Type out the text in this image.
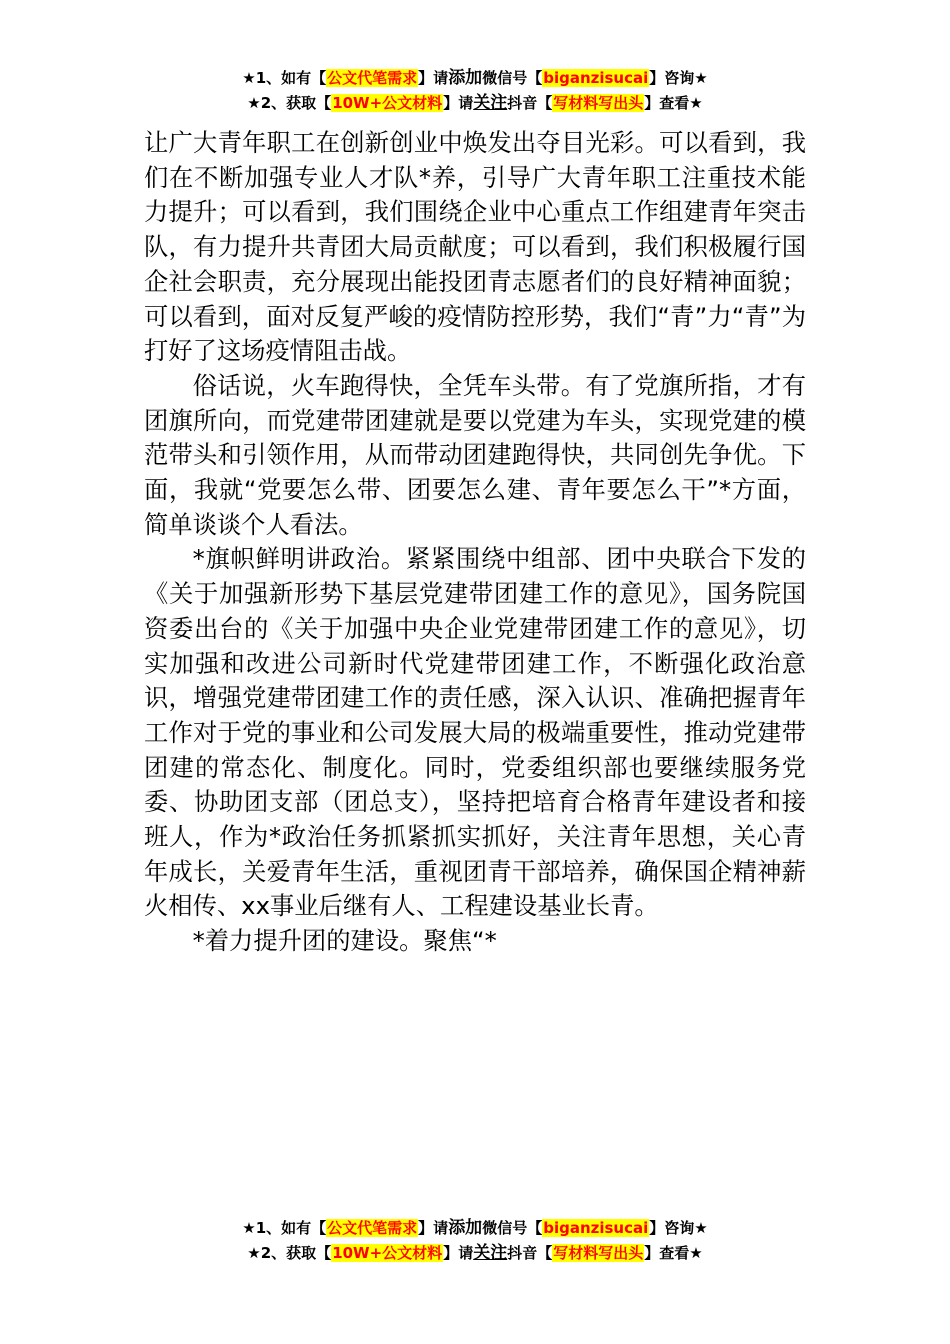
★1、如有【公文代笔需求】请添加微信号【biganzisucai】咨询★
★2、获取【10W+公文材料】请关注抖音【写材料写出头】查看★

让广大青年职工在创新创业中焕发出夺目光彩。可以看到，我们在不断加强专业人才队*养，引导广大青年职工注重技术能力提升；可以看到，我们围绕企业中心重点工作组建青年突击队，有力提升共青团大局贡献度；可以看到，我们积极履行国企社会职责，充分展现出能投团青志愿者们的良好精神面貌；可以看到，面对反复严峻的疫情防控形势，我们“青”力“青”为打好了这场疫情阻击战。

俗话说，火车跑得快，全凭车头带。有了党旗所指，才有团旗所向，而党建带团建就是要以党建为车头，实现党建的模范带头和引领作用，从而带动团建跑得快，共同创先争优。下面，我就“党要怎么带、团要怎么建、青年要怎么干”*方面，简单谈谈个人看法。

*旗帜鲜明讲政治。紧紧围绕中组部、团中央联合下发的《关于加强新形势下基层党建带团建工作的意见》，国务院国资委出台的《关于加强中央企业党建带团建工作的意见》，切实加强和改进公司新时代党建带团建工作，不断强化政治意识，增强党建带团建工作的责任感，深入认识、准确把握青年工作对于党的事业和公司发展大局的极端重要性，推动党建带团建的常态化、制度化。同时，党委组织部也要继续服务党委、协助团支部（团总支），坚持把培育合格青年建设者和接班人，作为*政治任务抓紧抓实抓好，关注青年思想，关心青年成长，关爱青年生活，重视团青干部培养，确保国企精神薪火相传、xx事业后继有人、工程建设基业长青。

*着力提升团的建设。聚焦“*

★1、如有【公文代笔需求】请添加微信号【biganzisucai】咨询★
★2、获取【10W+公文材料】请关注抖音【写材料写出头】查看★
